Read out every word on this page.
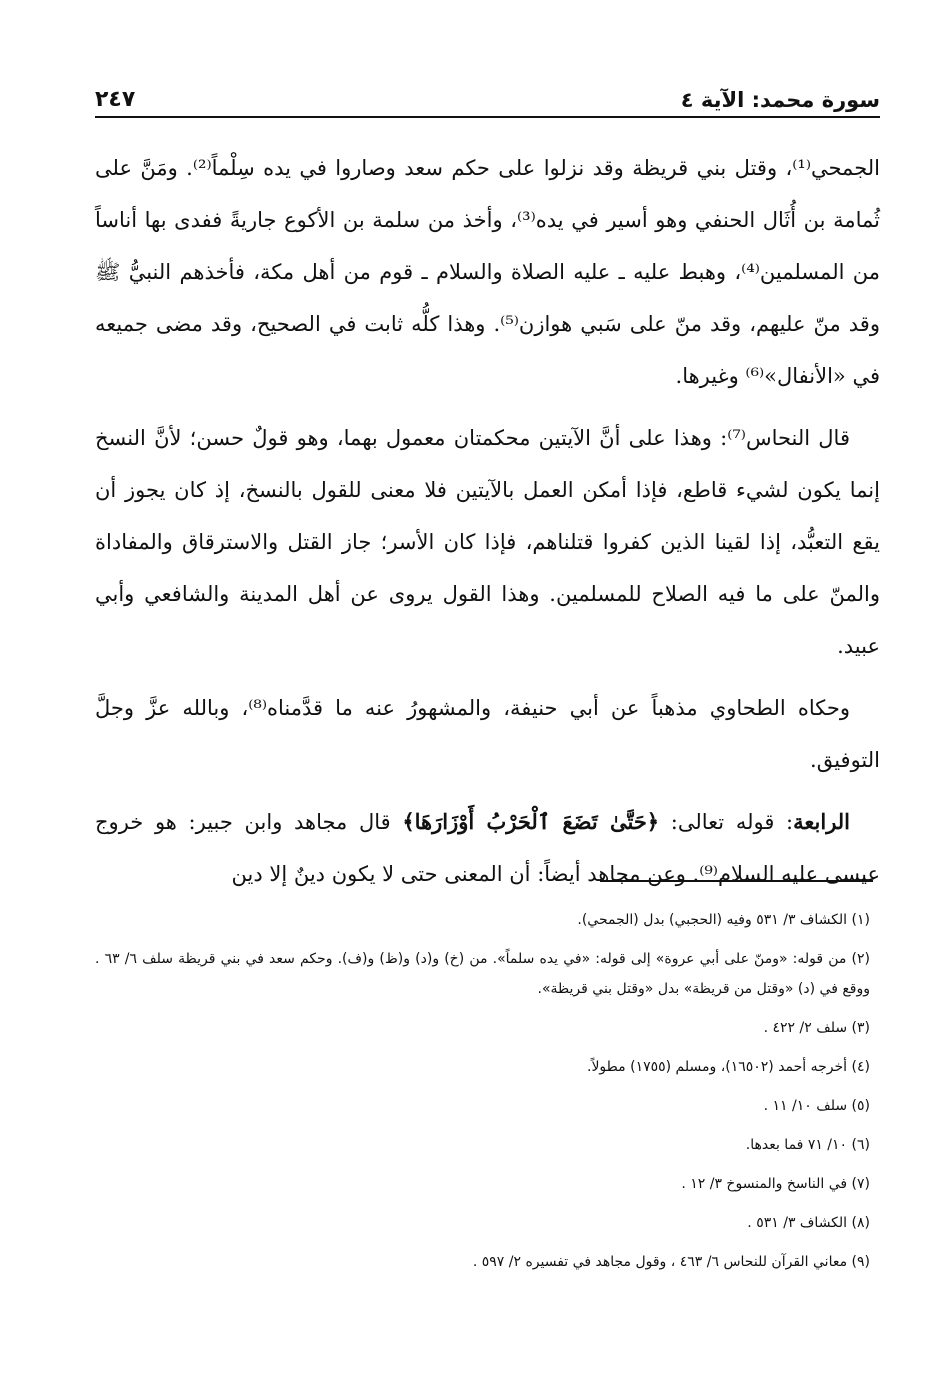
سورة محمد: الآية ٤
٢٤٧

الجمحي⁽¹⁾، وقتل بني قريظة وقد نزلوا على حكم سعد وصاروا في يده سِلْماً⁽²⁾. ومَنَّ على ثُمامة بن أُثَال الحنفي وهو أسير في يده⁽³⁾، وأخذ من سلمة بن الأكوع جاريةً ففدى بها أناساً من المسلمين⁽⁴⁾، وهبط عليه ـ عليه الصلاة والسلام ـ قوم من أهل مكة، فأخذهم النبيُّ ﷺ وقد منّ عليهم، وقد منّ على سَبي هوازن⁽⁵⁾. وهذا كلُّه ثابت في الصحيح، وقد مضى جميعه في «الأنفال»⁽⁶⁾ وغيرها.

قال النحاس⁽⁷⁾: وهذا على أنَّ الآيتين محكمتان معمول بهما، وهو قولٌ حسن؛ لأنَّ النسخ إنما يكون لشيء قاطع، فإذا أمكن العمل بالآيتين فلا معنى للقول بالنسخ، إذ كان يجوز أن يقع التعبُّد، إذا لقينا الذين كفروا قتلناهم، فإذا كان الأسر؛ جاز القتل والاسترقاق والمفاداة والمنّ على ما فيه الصلاح للمسلمين. وهذا القول يروى عن أهل المدينة والشافعي وأبي عبيد.

وحكاه الطحاوي مذهباً عن أبي حنيفة، والمشهورُ عنه ما قدَّمناه⁽⁸⁾، وبالله عزَّ وجلَّ التوفيق.

الرابعة: قوله تعالى: ﴿حَتَّىٰ تَضَعَ ٱلْحَرْبُ أَوْزَارَهَا﴾ قال مجاهد وابن جبير: هو خروج عيسى عليه السلام⁽⁹⁾. وعن مجاهد أيضاً: أن المعنى حتى لا يكون دينٌ إلا دين

(١) الكشاف ٣/ ٥٣١ وفيه (الحجبي) بدل (الجمحي).

(٢) من قوله: «ومنّ على أبي عروة» إلى قوله: «في يده سلماً». من (خ) و(د) و(ظ) و(ف). وحكم سعد في بني قريظة سلف ٦/ ٦٣ . ووقع في (د) «وقتل من قريظة» بدل «وقتل بني قريظة».

(٣) سلف ٢/ ٤٢٢ .

(٤) أخرجه أحمد (١٦٥٠٢)، ومسلم (١٧٥٥) مطولاً.

(٥) سلف ١٠/ ١١ .

(٦) ١٠/ ٧١ فما بعدها.

(٧) في الناسخ والمنسوخ ٣/ ١٢ .

(٨) الكشاف ٣/ ٥٣١ .

(٩) معاني القرآن للنحاس ٦/ ٤٦٣ ، وقول مجاهد في تفسيره ٢/ ٥٩٧ .
